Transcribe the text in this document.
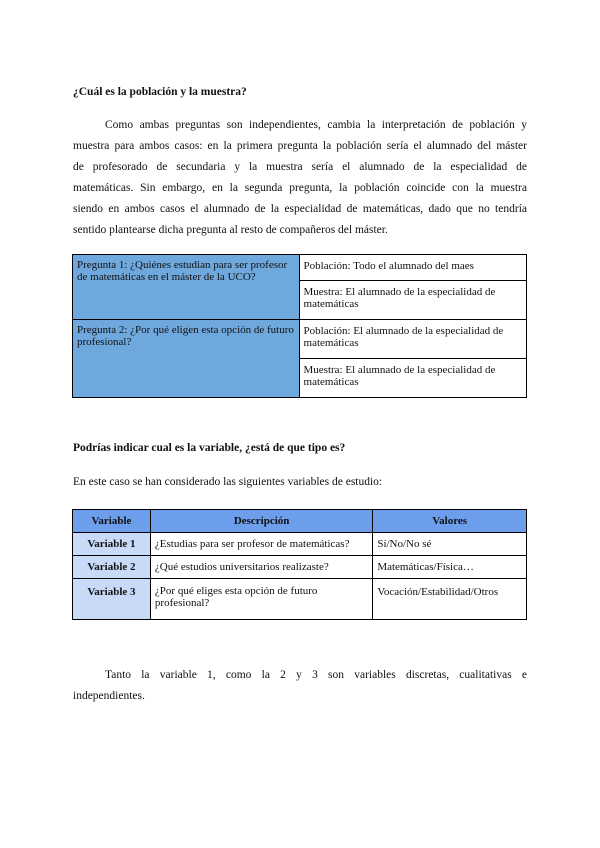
¿Cuál es la población y la muestra?
Como ambas preguntas son independientes, cambia la interpretación de población y
muestra para ambos casos: en la primera pregunta la población sería el alumnado del máster
de profesorado de secundaria y la muestra sería el alumnado de la especialidad de
matemáticas. Sin embargo, en la segunda pregunta, la población coincide con la muestra
siendo en ambos casos el alumnado de la especialidad de matemáticas, dado que no tendría
sentido plantearse dicha pregunta al resto de compañeros del máster.
Pregunta 1: ¿Quiénes estudian para ser profesor de matemáticas en el máster de la UCO?	Población: Todo el alumnado del maes
	Muestra: El alumnado de la especialidad de matemáticas
Pregunta 2: ¿Por qué eligen esta opción de futuro profesional?	Población: El alumnado de la especialidad de matemáticas
	Muestra: El alumnado de la especialidad de matemáticas
Podrías indicar cual es la variable, ¿está de que tipo es?
En este caso se han considerado las siguientes variables de estudio:
Variable	Descripción	Valores
Variable 1	¿Estudias para ser profesor de matemáticas?	Sí/No/No sé
Variable 2	¿Qué estudios universitarios realizaste?	Matemáticas/Física…
Variable 3	¿Por qué eliges esta opción de futuro profesional?	Vocación/Estabilidad/Otros
Tanto la variable 1, como la 2 y 3 son variables discretas, cualitativas e
independientes.
